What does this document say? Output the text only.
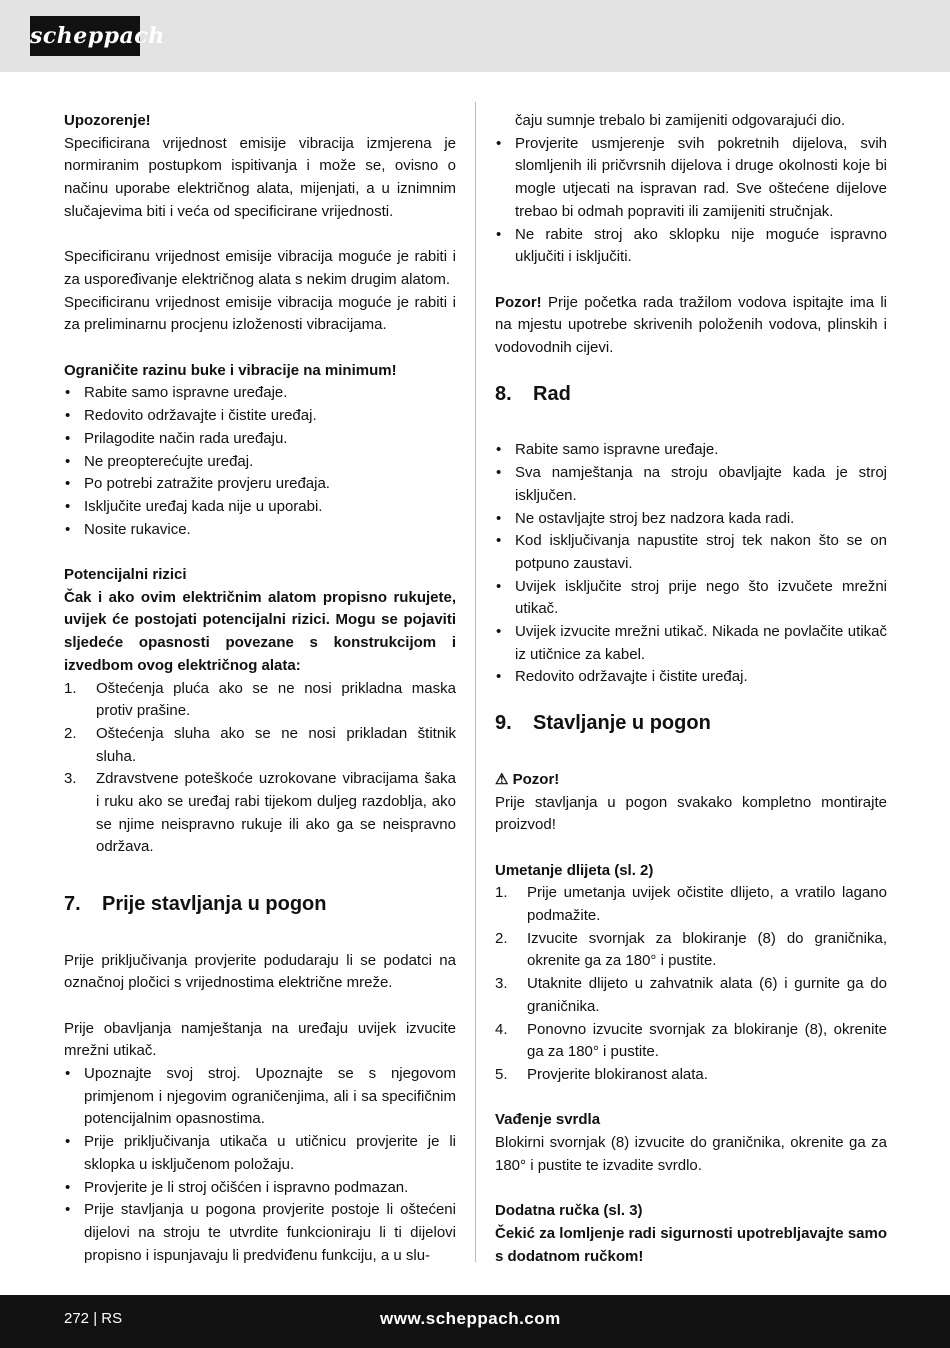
scheppach

Upozorenje!

Specificirana vrijednost emisije vibracija izmjerena je normiranim postupkom ispitivanja i može se, ovisno o načinu uporabe električnog alata, mijenjati, a u iznimnim slučajevima biti i veća od specificirane vrijednosti.

Specificiranu vrijednost emisije vibracija moguće je rabiti i za uspoređivanje električnog alata s nekim drugim alatom.

Specificiranu vrijednost emisije vibracija moguće je rabiti i za preliminarnu procjenu izloženosti vibracijama.

Ograničite razinu buke i vibracije na minimum!

• Rabite samo ispravne uređaje.
• Redovito održavajte i čistite uređaj.
• Prilagodite način rada uređaju.
• Ne preopterećujte uređaj.
• Po potrebi zatražite provjeru uređaja.
• Isključite uređaj kada nije u uporabi.
• Nosite rukavice.

Potencijalni rizici

Čak i ako ovim električnim alatom propisno rukujete, uvijek će postojati potencijalni rizici. Mogu se pojaviti sljedeće opasnosti povezane s konstrukcijom i izvedbom ovog električnog alata:

1. Oštećenja pluća ako se ne nosi prikladna maska protiv prašine.
2. Oštećenja sluha ako se ne nosi prikladan štitnik sluha.
3. Zdravstvene poteškoće uzrokovane vibracijama šaka i ruku ako se uređaj rabi tijekom duljeg razdoblja, ako se njime neispravno rukuje ili ako ga se neispravno održava.
7. Prije stavljanja u pogon

Prije priključivanja provjerite podudaraju li se podatci na označnoj pločici s vrijednostima električne mreže.

Prije obavljanja namještanja na uređaju uvijek izvucite mrežni utikač.

• Upoznajte svoj stroj. Upoznajte se s njegovom primjenom i njegovim ograničenjima, ali i sa specifičnim potencijalnim opasnostima.
• Prije priključivanja utikača u utičnicu provjerite je li sklopka u isključenom položaju.
• Provjerite je li stroj očišćen i ispravno podmazan.
• Prije stavljanja u pogona provjerite postoje li oštećeni dijelovi na stroju te utvrdite funkcioniraju li ti dijelovi propisno i ispunjavaju li predviđenu funkciju, a u slu-

čaju sumnje trebalo bi zamijeniti odgovarajući dio.

• Provjerite usmjerenje svih pokretnih dijelova, svih slomljenih ili pričvrsnih dijelova i druge okolnosti koje bi mogle utjecati na ispravan rad. Sve oštećene dijelove trebao bi odmah popraviti ili zamijeniti stručnjak.
• Ne rabite stroj ako sklopku nije moguće ispravno uključiti i isključiti.

Pozor! Prije početka rada tražilom vodova ispitajte ima li na mjestu upotrebe skrivenih položenih vodova, plinskih i vodovodnih cijevi.

8. Rad
• Rabite samo ispravne uređaje.
• Sva namještanja na stroju obavljajte kada je stroj isključen.
• Ne ostavljajte stroj bez nadzora kada radi.
• Kod isključivanja napustite stroj tek nakon što se on potpuno zaustavi.
• Uvijek isključite stroj prije nego što izvučete mrežni utikač.
• Uvijek izvucite mrežni utikač. Nikada ne povlačite utikač iz utičnice za kabel.
• Redovito održavajte i čistite uređaj.
9. Stavljanje u pogon

⚠ Pozor!

Prije stavljanja u pogon svakako kompletno montirajte proizvod!

Umetanje dlijeta (sl. 2)

1. Prije umetanja uvijek očistite dlijeto, a vratilo lagano podmažite.
2. Izvucite svornjak za blokiranje (8) do graničnika, okrenite ga za 180° i pustite.
3. Utaknite dlijeto u zahvatnik alata (6) i gurnite ga do graničnika.
4. Ponovno izvucite svornjak za blokiranje (8), okrenite ga za 180° i pustite.
5. Provjerite blokiranost alata.

Vađenje svrdla

Blokirni svornjak (8) izvucite do graničnika, okrenite ga za 180° i pustite te izvadite svrdlo.

Dodatna ručka (sl. 3)

Čekić za lomljenje radi sigurnosti upotrebljavajte samo s dodatnom ručkom!

272 | RS	www.scheppach.com
